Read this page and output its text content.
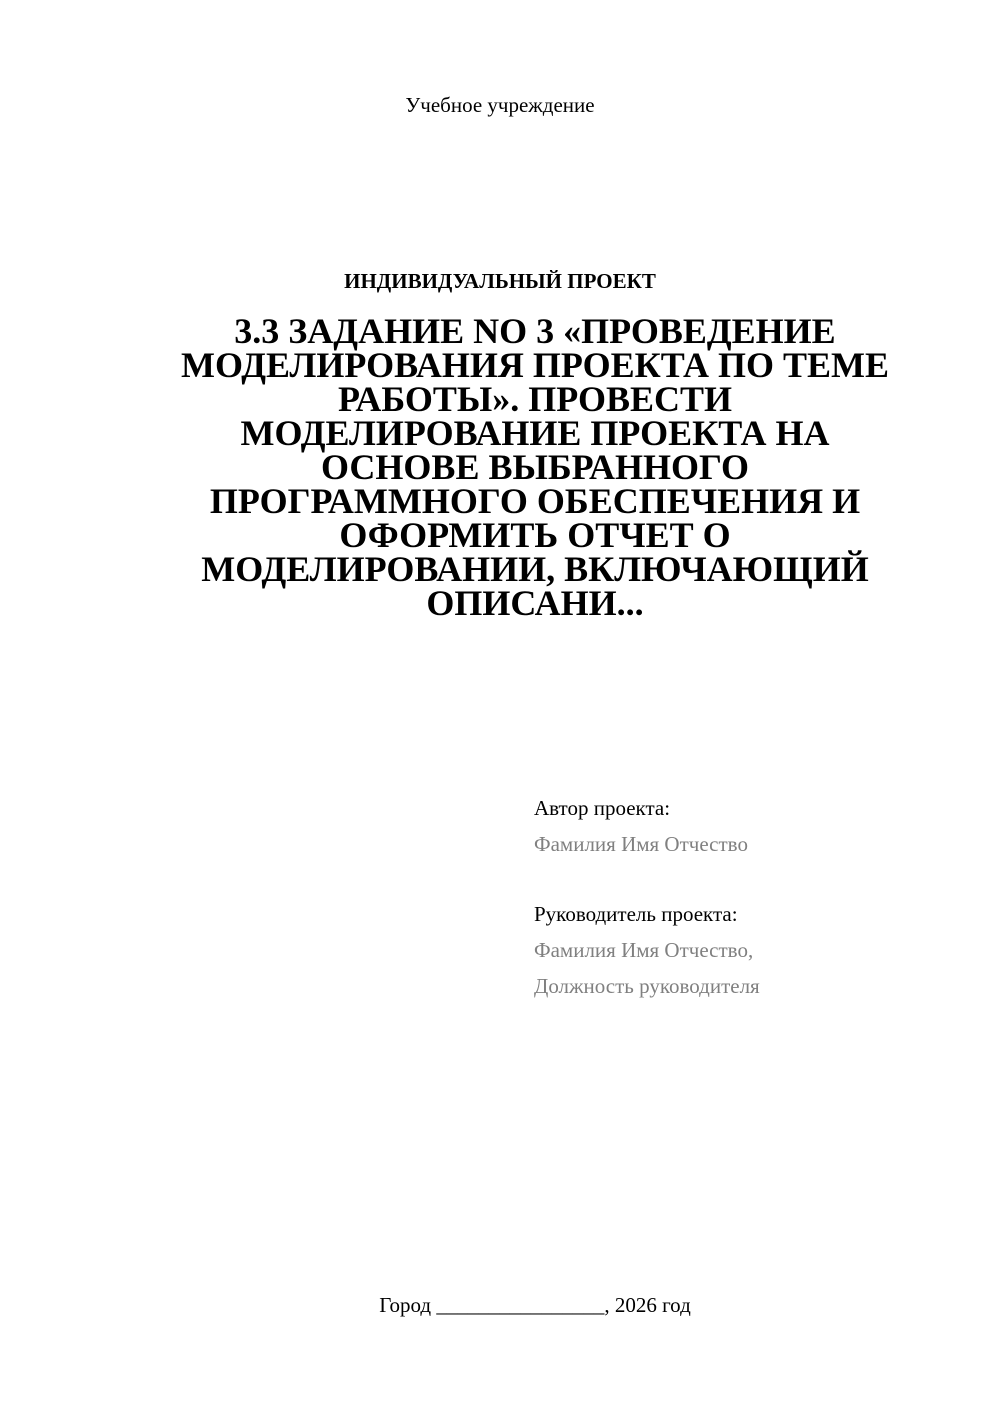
Учебное учреждение
ИНДИВИДУАЛЬНЫЙ ПРОЕКТ
3.3 ЗАДАНИЕ NO 3 «ПРОВЕДЕНИЕ
МОДЕЛИРОВАНИЯ ПРОЕКТА ПО ТЕМЕ
РАБОТЫ». ПРОВЕСТИ
МОДЕЛИРОВАНИЕ ПРОЕКТА НА
ОСНОВЕ ВЫБРАННОГО
ПРОГРАММНОГО ОБЕСПЕЧЕНИЯ И
ОФОРМИТЬ ОТЧЕТ О
МОДЕЛИРОВАНИИ, ВКЛЮЧАЮЩИЙ
ОПИСАНИ...
Автор проекта:
Фамилия Имя Отчество
Руководитель проекта:
Фамилия Имя Отчество,
Должность руководителя
Город ________________, 2026 год
